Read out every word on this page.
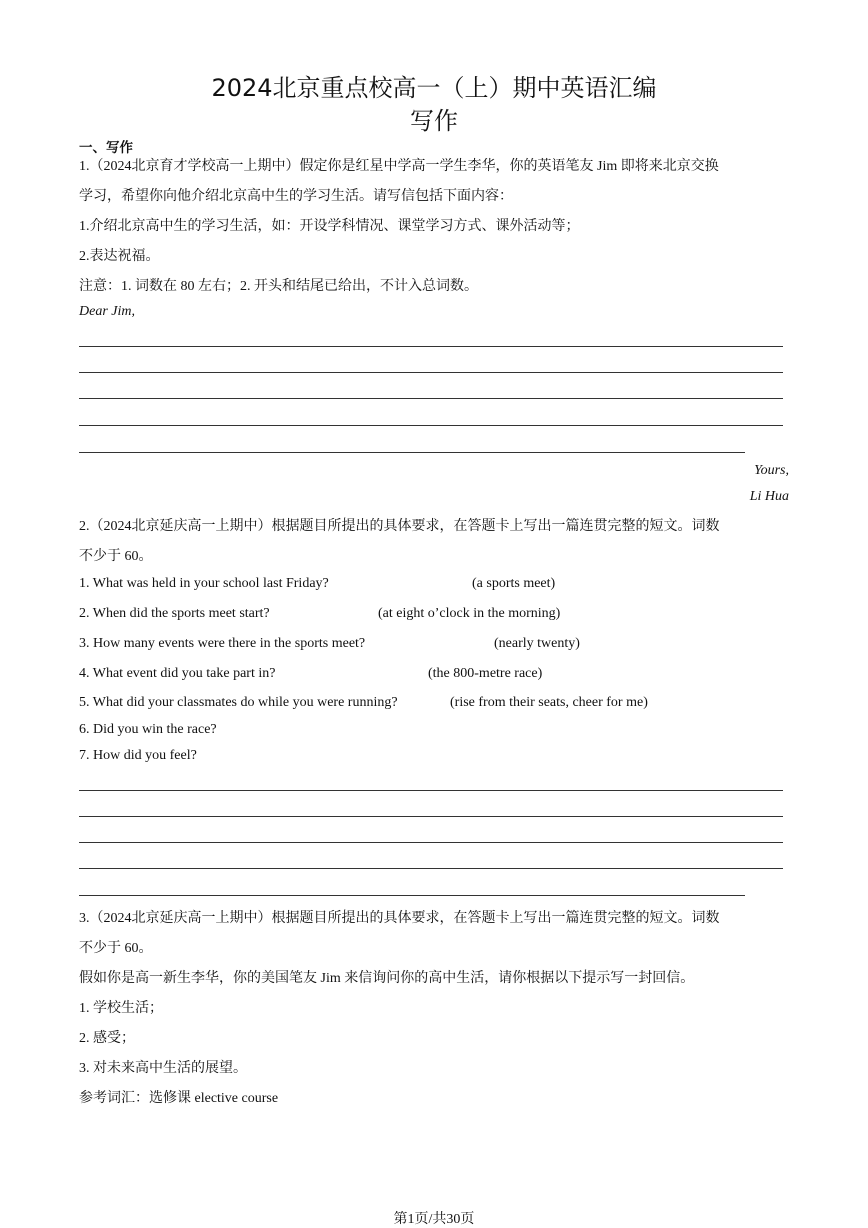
2024北京重点校高一（上）期中英语汇编
写作
一、写作
1.（2024北京育才学校高一上期中）假定你是红星中学高一学生李华，你的英语笔友 Jim 即将来北京交换
学习，希望你向他介绍北京高中生的学习生活。请写信包括下面内容：
1.介绍北京高中生的学习生活，如：开设学科情况、课堂学习方式、课外活动等；
2.表达祝福。
注意：1. 词数在 80 左右；2. 开头和结尾已给出，不计入总词数。
Dear Jim,
Yours,
Li Hua
2.（2024北京延庆高一上期中）根据题目所提出的具体要求，在答题卡上写出一篇连贯完整的短文。词数
不少于 60。
1. What was held in your school last Friday?	(a sports meet)
2. When did the sports meet start?	(at eight o’clock in the morning)
3. How many events were there in the sports meet?	(nearly twenty)
4. What event did you take part in?	(the 800-metre race)
5. What did your classmates do while you were running?	(rise from their seats, cheer for me)
6. Did you win the race?
7. How did you feel?
3.（2024北京延庆高一上期中）根据题目所提出的具体要求，在答题卡上写出一篇连贯完整的短文。词数
不少于 60。
假如你是高一新生李华，你的美国笔友 Jim 来信询问你的高中生活，请你根据以下提示写一封回信。
1. 学校生活；
2. 感受；
3. 对未来高中生活的展望。
参考词汇：选修课 elective course
第1页/共30页
